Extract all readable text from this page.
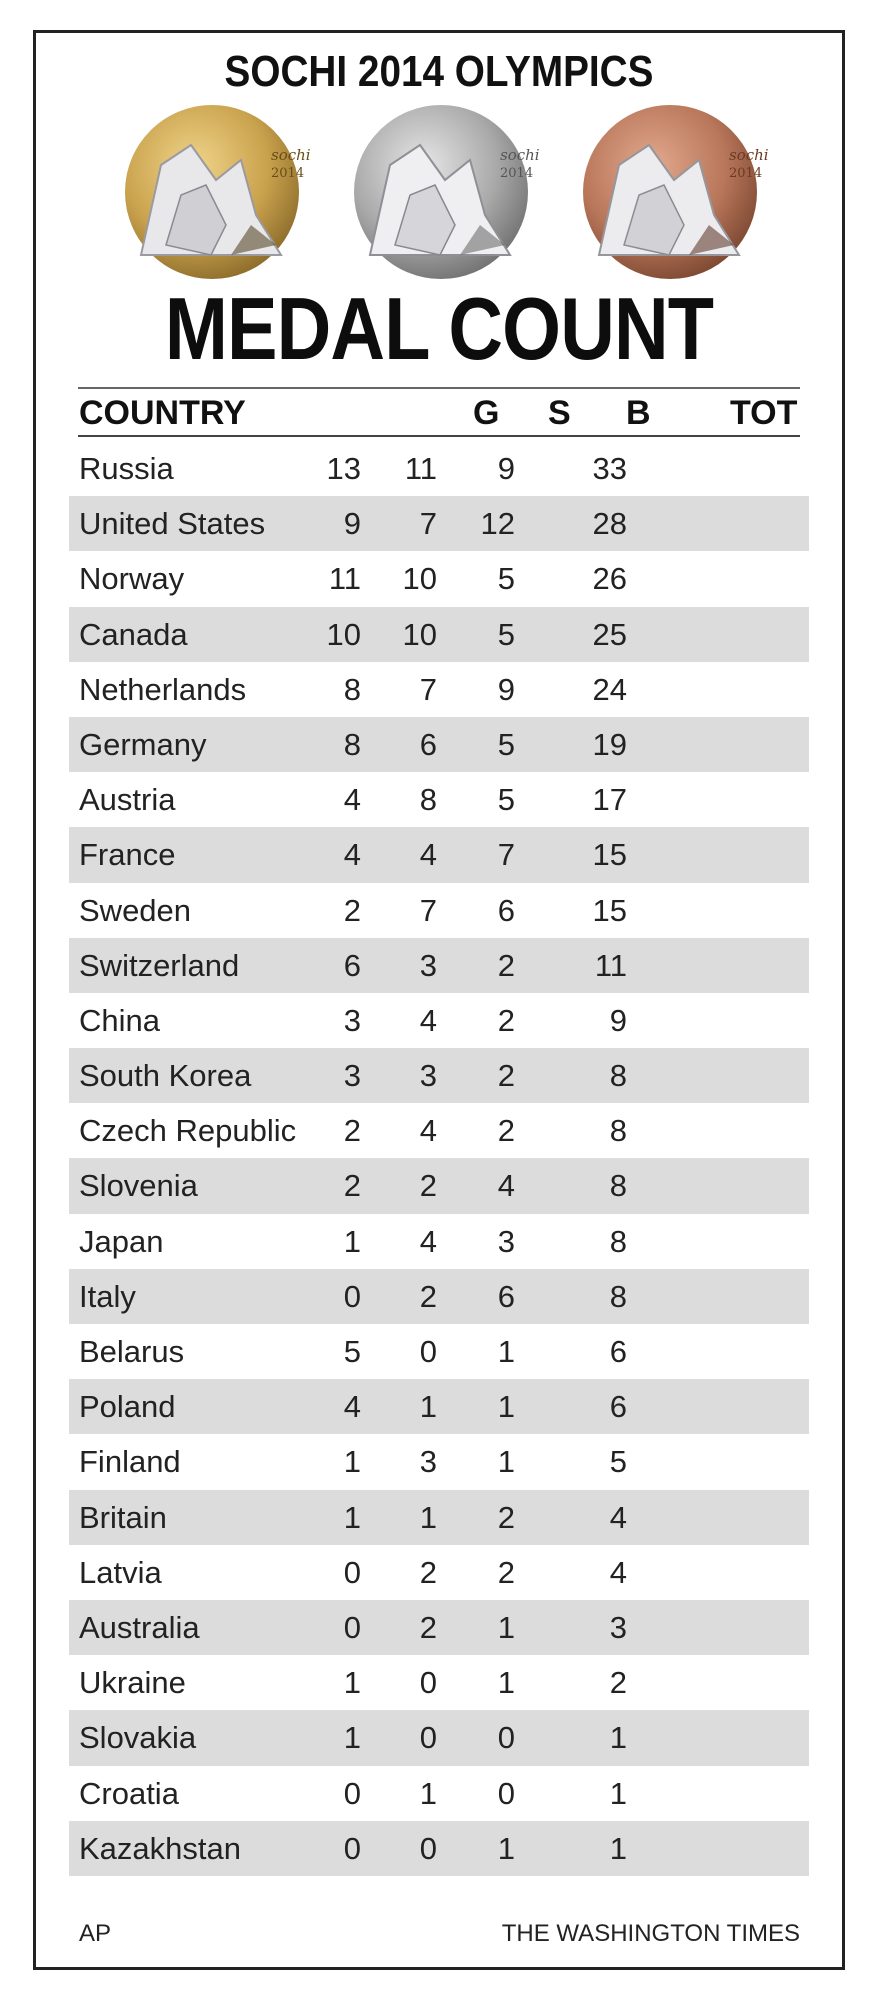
SOCHI 2014 OLYMPICS
sochi
2014
sochi
2014
sochi
2014
MEDAL COUNT
COUNTRY	G S B TOT
Russia	13 11 9	33
United States	9 7 12	28
Norway	11 10 5	26
Canada	10 10 5	25
Netherlands	8 7 9	24
Germany	8 6 5	19
Austria	4 8 5	17
France	4 4 7	15
Sweden	2 7 6	15
Switzerland	6 3 2	11
China	3 4 2	9
South Korea	3 3 2	8
Czech Republic 2 4 2	8
Slovenia	2 2 4	8
Japan	1 4 3	8
Italy	0 2 6	8
Belarus	5 0 1	6
Poland	4 1 1	6
Finland	1 3 1	5
Britain	1 1 2	4
Latvia	0 2 2	4
Australia	0 2 1	3
Ukraine	1 0 1	2
Slovakia	1 0 0	1
Croatia	0 1 0	1
Kazakhstan	0 0 1	1
AP	THE WASHINGTON TIMES
